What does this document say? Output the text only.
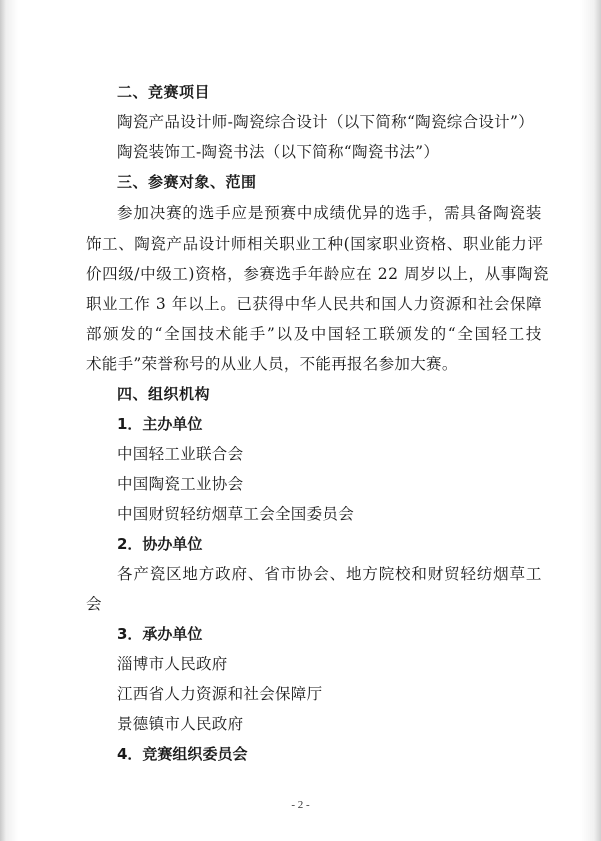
二、竞赛项目
陶瓷产品设计师-陶瓷综合设计（以下简称“陶瓷综合设计”）
陶瓷装饰工-陶瓷书法（以下简称“陶瓷书法”）
三、参赛对象、范围
参加决赛的选手应是预赛中成绩优异的选手，需具备陶瓷装
饰工、陶瓷产品设计师相关职业工种(国家职业资格、职业能力评
价四级/中级工)资格，参赛选手年龄应在 22 周岁以上，从事陶瓷
职业工作 3 年以上。已获得中华人民共和国人力资源和社会保障
部颁发的“全国技术能手”以及中国轻工联颁发的“全国轻工技
术能手”荣誉称号的从业人员，不能再报名参加大赛。
四、组织机构
1．主办单位
中国轻工业联合会
中国陶瓷工业协会
中国财贸轻纺烟草工会全国委员会
2．协办单位
各产瓷区地方政府、省市协会、地方院校和财贸轻纺烟草工
会
3．承办单位
淄博市人民政府
江西省人力资源和社会保障厅
景德镇市人民政府
4．竞赛组织委员会
- 2 -
